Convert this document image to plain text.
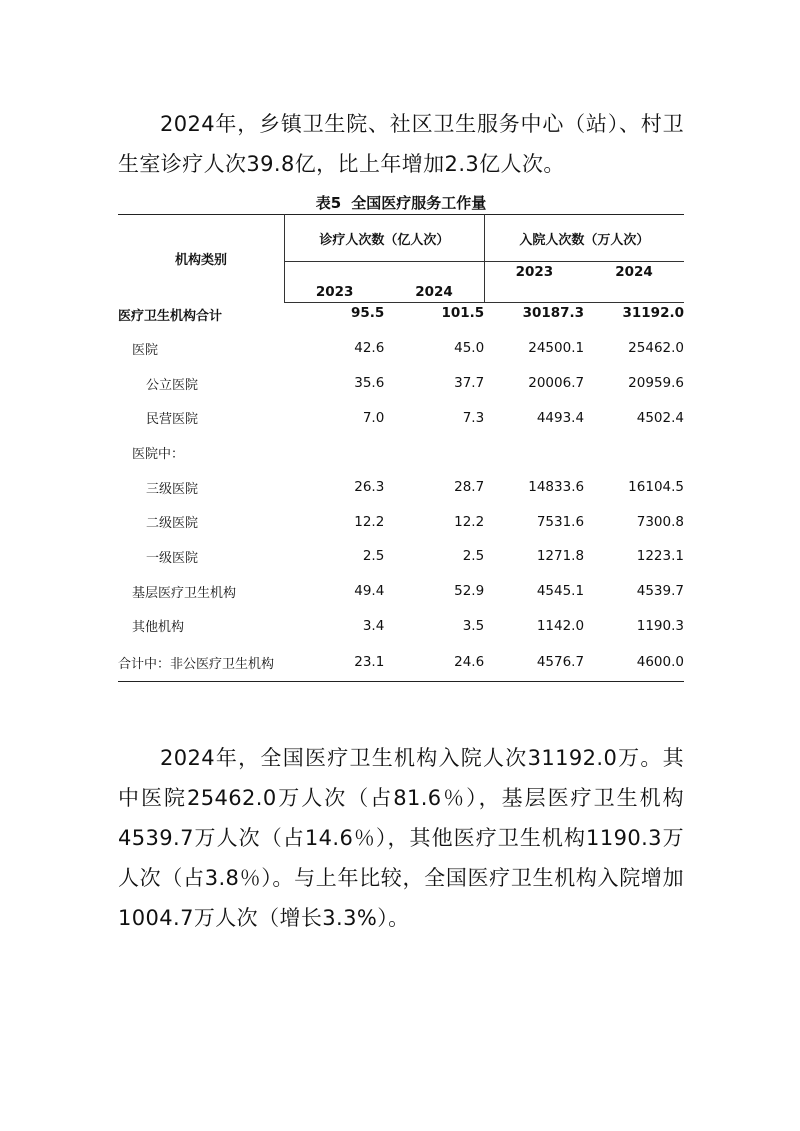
2024年，乡镇卫生院、社区卫生服务中心（站）、村卫生室诊疗人次39.8亿，比上年增加2.3亿人次。

表5 全国医疗服务工作量
机构类别	诊疗人次数（亿人次）		入院人次数（万人次）	
	2023	2024	2023	2024
医疗卫生机构合计	95.5	101.5	30187.3	31192.0
医院	42.6	45.0	24500.1	25462.0
公立医院	35.6	37.7	20006.7	20959.6
民营医院	7.0	7.3	4493.4	4502.4
医院中：				
三级医院	26.3	28.7	14833.6	16104.5
二级医院	12.2	12.2	7531.6	7300.8
一级医院	2.5	2.5	1271.8	1223.1
基层医疗卫生机构	49.4	52.9	4545.1	4539.7
其他机构	3.4	3.5	1142.0	1190.3
合计中：非公医疗卫生机构	23.1	24.6	4576.7	4600.0

2024年，全国医疗卫生机构入院人次31192.0万。其中医院25462.0万人次（占81.6％），基层医疗卫生机构4539.7万人次（占14.6％），其他医疗卫生机构1190.3万人次（占3.8％）。与上年比较，全国医疗卫生机构入院增加1004.7万人次（增长3.3%）。
